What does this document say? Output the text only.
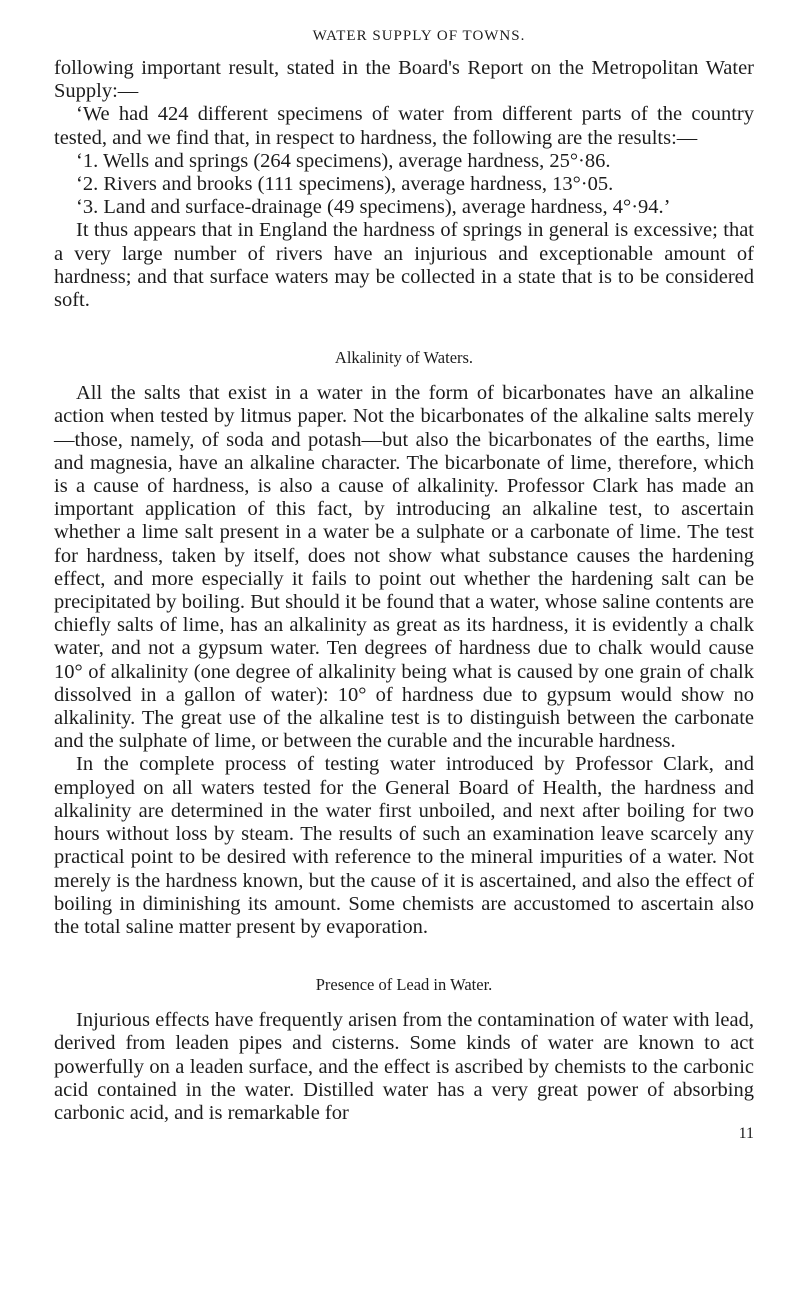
WATER SUPPLY OF TOWNS.

following important result, stated in the Board's Report on the Metropolitan Water Supply:—

‘We had 424 different specimens of water from different parts of the country tested, and we find that, in respect to hardness, the following are the results:—

‘1. Wells and springs (264 specimens), average hardness, 25°·86.
‘2. Rivers and brooks (111 specimens), average hardness, 13°·05.
‘3. Land and surface-drainage (49 specimens), average hardness, 4°·94.’

It thus appears that in England the hardness of springs in general is excessive; that a very large number of rivers have an injurious and exceptionable amount of hardness; and that surface waters may be collected in a state that is to be considered soft.

Alkalinity of Waters.

All the salts that exist in a water in the form of bicarbonates have an alkaline action when tested by litmus paper. Not the bicarbonates of the alkaline salts merely—those, namely, of soda and potash—but also the bicarbonates of the earths, lime and magnesia, have an alkaline character. The bicarbonate of lime, therefore, which is a cause of hardness, is also a cause of alkalinity. Professor Clark has made an important application of this fact, by introducing an alkaline test, to ascertain whether a lime salt present in a water be a sulphate or a carbonate of lime. The test for hardness, taken by itself, does not show what substance causes the hardening effect, and more especially it fails to point out whether the hardening salt can be precipitated by boiling. But should it be found that a water, whose saline contents are chiefly salts of lime, has an alkalinity as great as its hardness, it is evidently a chalk water, and not a gypsum water. Ten degrees of hardness due to chalk would cause 10° of alkalinity (one degree of alkalinity being what is caused by one grain of chalk dissolved in a gallon of water): 10° of hardness due to gypsum would show no alkalinity. The great use of the alkaline test is to distinguish between the carbonate and the sulphate of lime, or between the curable and the incurable hardness.

In the complete process of testing water introduced by Professor Clark, and employed on all waters tested for the General Board of Health, the hardness and alkalinity are determined in the water first unboiled, and next after boiling for two hours without loss by steam. The results of such an examination leave scarcely any practical point to be desired with reference to the mineral impurities of a water. Not merely is the hardness known, but the cause of it is ascertained, and also the effect of boiling in diminishing its amount. Some chemists are accustomed to ascertain also the total saline matter present by evaporation.

Presence of Lead in Water.

Injurious effects have frequently arisen from the contamination of water with lead, derived from leaden pipes and cisterns. Some kinds of water are known to act powerfully on a leaden surface, and the effect is ascribed by chemists to the carbonic acid contained in the water. Distilled water has a very great power of absorbing carbonic acid, and is remarkable for

11
